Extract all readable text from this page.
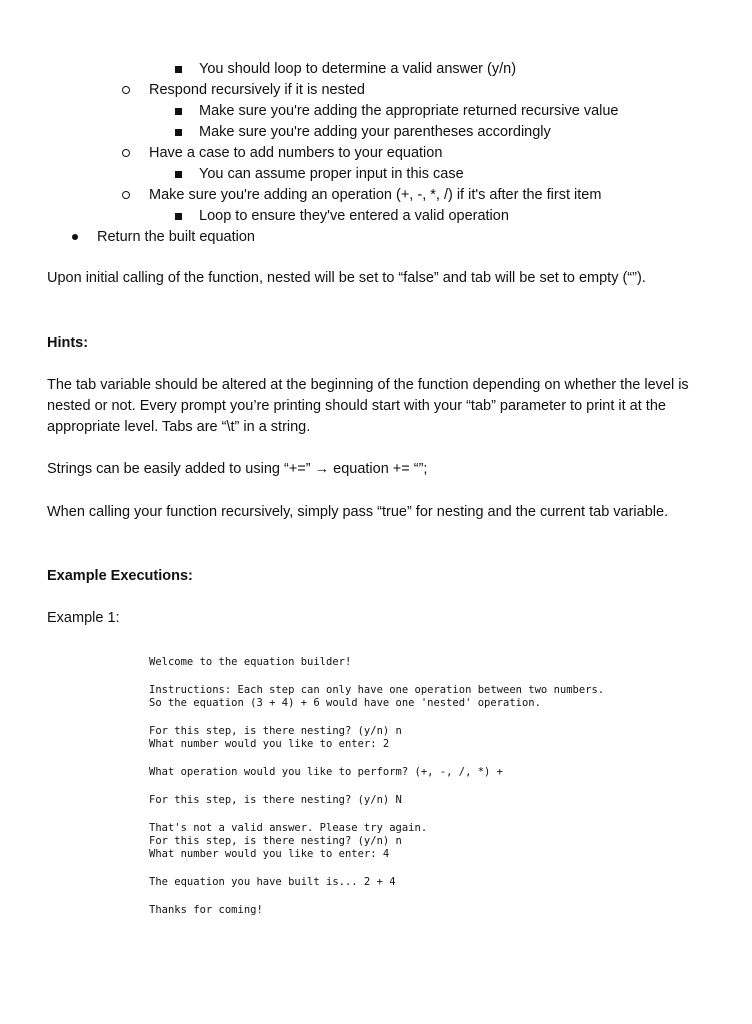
You should loop to determine a valid answer (y/n)
Respond recursively if it is nested
Make sure you're adding the appropriate returned recursive value
Make sure you're adding your parentheses accordingly
Have a case to add numbers to your equation
You can assume proper input in this case
Make sure you're adding an operation (+, -, *, /) if it's after the first item
Loop to ensure they've entered a valid operation
Return the built equation
Upon initial calling of the function, nested will be set to “false” and tab will be set to empty (“”).
Hints:
The tab variable should be altered at the beginning of the function depending on whether the level is nested or not. Every prompt you’re printing should start with your “tab” parameter to print it at the appropriate level. Tabs are “\t” in a string.
Strings can be easily added to using “+=” → equation += “”;
When calling your function recursively, simply pass “true” for nesting and the current tab variable.
Example Executions:
Example 1:
Welcome to the equation builder!
Instructions: Each step can only have one operation between two numbers.
So the equation (3 + 4) + 6 would have one 'nested' operation.
For this step, is there nesting? (y/n) n
What number would you like to enter: 2
What operation would you like to perform? (+, -, /, *) +
For this step, is there nesting? (y/n) N
That's not a valid answer. Please try again.
For this step, is there nesting? (y/n) n
What number would you like to enter: 4
The equation you have built is... 2 + 4
Thanks for coming!
